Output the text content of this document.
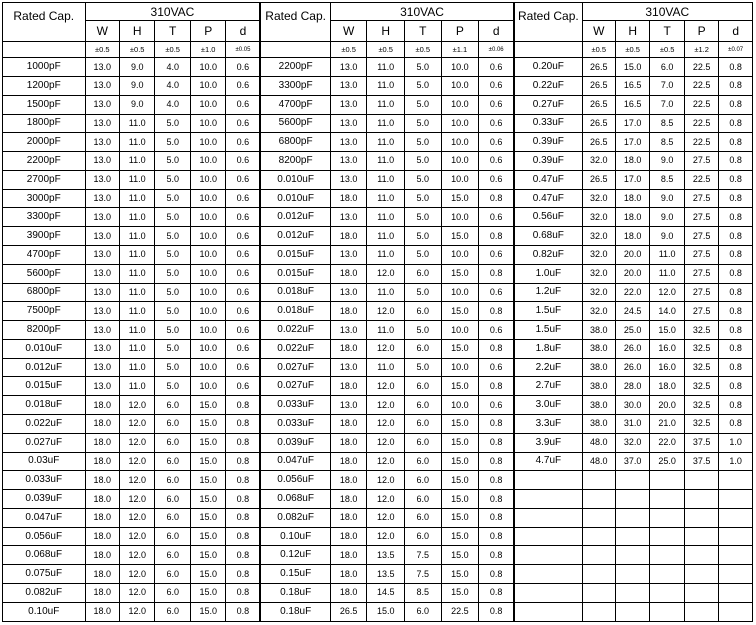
Rated Cap.	310VAC					Rated Cap.	310VAC					Rated Cap.	310VAC				
	W	H	T	P	d		W	H	T	P	d		W	H	T	P	d
	±0.5	±0.5	±0.5	±1.0	±0.05		±0.5	±0.5	±0.5	±1.1	±0.06		±0.5	±0.5	±0.5	±1.2	±0.07
1000pF	13.0	9.0	4.0	10.0	0.6	2200pF	13.0	11.0	5.0	10.0	0.6	0.20uF	26.5	15.0	6.0	22.5	0.8
1200pF	13.0	9.0	4.0	10.0	0.6	3300pF	13.0	11.0	5.0	10.0	0.6	0.22uF	26.5	16.5	7.0	22.5	0.8
1500pF	13.0	9.0	4.0	10.0	0.6	4700pF	13.0	11.0	5.0	10.0	0.6	0.27uF	26.5	16.5	7.0	22.5	0.8
1800pF	13.0	11.0	5.0	10.0	0.6	5600pF	13.0	11.0	5.0	10.0	0.6	0.33uF	26.5	17.0	8.5	22.5	0.8
2000pF	13.0	11.0	5.0	10.0	0.6	6800pF	13.0	11.0	5.0	10.0	0.6	0.39uF	26.5	17.0	8.5	22.5	0.8
2200pF	13.0	11.0	5.0	10.0	0.6	8200pF	13.0	11.0	5.0	10.0	0.6	0.39uF	32.0	18.0	9.0	27.5	0.8
2700pF	13.0	11.0	5.0	10.0	0.6	0.010uF	13.0	11.0	5.0	10.0	0.6	0.47uF	26.5	17.0	8.5	22.5	0.8
3000pF	13.0	11.0	5.0	10.0	0.6	0.010uF	18.0	11.0	5.0	15.0	0.8	0.47uF	32.0	18.0	9.0	27.5	0.8
3300pF	13.0	11.0	5.0	10.0	0.6	0.012uF	13.0	11.0	5.0	10.0	0.6	0.56uF	32.0	18.0	9.0	27.5	0.8
3900pF	13.0	11.0	5.0	10.0	0.6	0.012uF	18.0	11.0	5.0	15.0	0.8	0.68uF	32.0	18.0	9.0	27.5	0.8
4700pF	13.0	11.0	5.0	10.0	0.6	0.015uF	13.0	11.0	5.0	10.0	0.6	0.82uF	32.0	20.0	11.0	27.5	0.8
5600pF	13.0	11.0	5.0	10.0	0.6	0.015uF	18.0	12.0	6.0	15.0	0.8	1.0uF	32.0	20.0	11.0	27.5	0.8
6800pF	13.0	11.0	5.0	10.0	0.6	0.018uF	13.0	11.0	5.0	10.0	0.6	1.2uF	32.0	22.0	12.0	27.5	0.8
7500pF	13.0	11.0	5.0	10.0	0.6	0.018uF	18.0	12.0	6.0	15.0	0.8	1.5uF	32.0	24.5	14.0	27.5	0.8
8200pF	13.0	11.0	5.0	10.0	0.6	0.022uF	13.0	11.0	5.0	10.0	0.6	1.5uF	38.0	25.0	15.0	32.5	0.8
0.010uF	13.0	11.0	5.0	10.0	0.6	0.022uF	18.0	12.0	6.0	15.0	0.8	1.8uF	38.0	26.0	16.0	32.5	0.8
0.012uF	13.0	11.0	5.0	10.0	0.6	0.027uF	13.0	11.0	5.0	10.0	0.6	2.2uF	38.0	26.0	16.0	32.5	0.8
0.015uF	13.0	11.0	5.0	10.0	0.6	0.027uF	18.0	12.0	6.0	15.0	0.8	2.7uF	38.0	28.0	18.0	32.5	0.8
0.018uF	18.0	12.0	6.0	15.0	0.8	0.033uF	13.0	12.0	6.0	10.0	0.6	3.0uF	38.0	30.0	20.0	32.5	0.8
0.022uF	18.0	12.0	6.0	15.0	0.8	0.033uF	18.0	12.0	6.0	15.0	0.8	3.3uF	38.0	31.0	21.0	32.5	0.8
0.027uF	18.0	12.0	6.0	15.0	0.8	0.039uF	18.0	12.0	6.0	15.0	0.8	3.9uF	48.0	32.0	22.0	37.5	1.0
0.03uF	18.0	12.0	6.0	15.0	0.8	0.047uF	18.0	12.0	6.0	15.0	0.8	4.7uF	48.0	37.0	25.0	37.5	1.0
0.033uF	18.0	12.0	6.0	15.0	0.8	0.056uF	18.0	12.0	6.0	15.0	0.8						
0.039uF	18.0	12.0	6.0	15.0	0.8	0.068uF	18.0	12.0	6.0	15.0	0.8						
0.047uF	18.0	12.0	6.0	15.0	0.8	0.082uF	18.0	12.0	6.0	15.0	0.8						
0.056uF	18.0	12.0	6.0	15.0	0.8	0.10uF	18.0	12.0	6.0	15.0	0.8						
0.068uF	18.0	12.0	6.0	15.0	0.8	0.12uF	18.0	13.5	7.5	15.0	0.8						
0.075uF	18.0	12.0	6.0	15.0	0.8	0.15uF	18.0	13.5	7.5	15.0	0.8						
0.082uF	18.0	12.0	6.0	15.0	0.8	0.18uF	18.0	14.5	8.5	15.0	0.8						
0.10uF	18.0	12.0	6.0	15.0	0.8	0.18uF	26.5	15.0	6.0	22.5	0.8						
